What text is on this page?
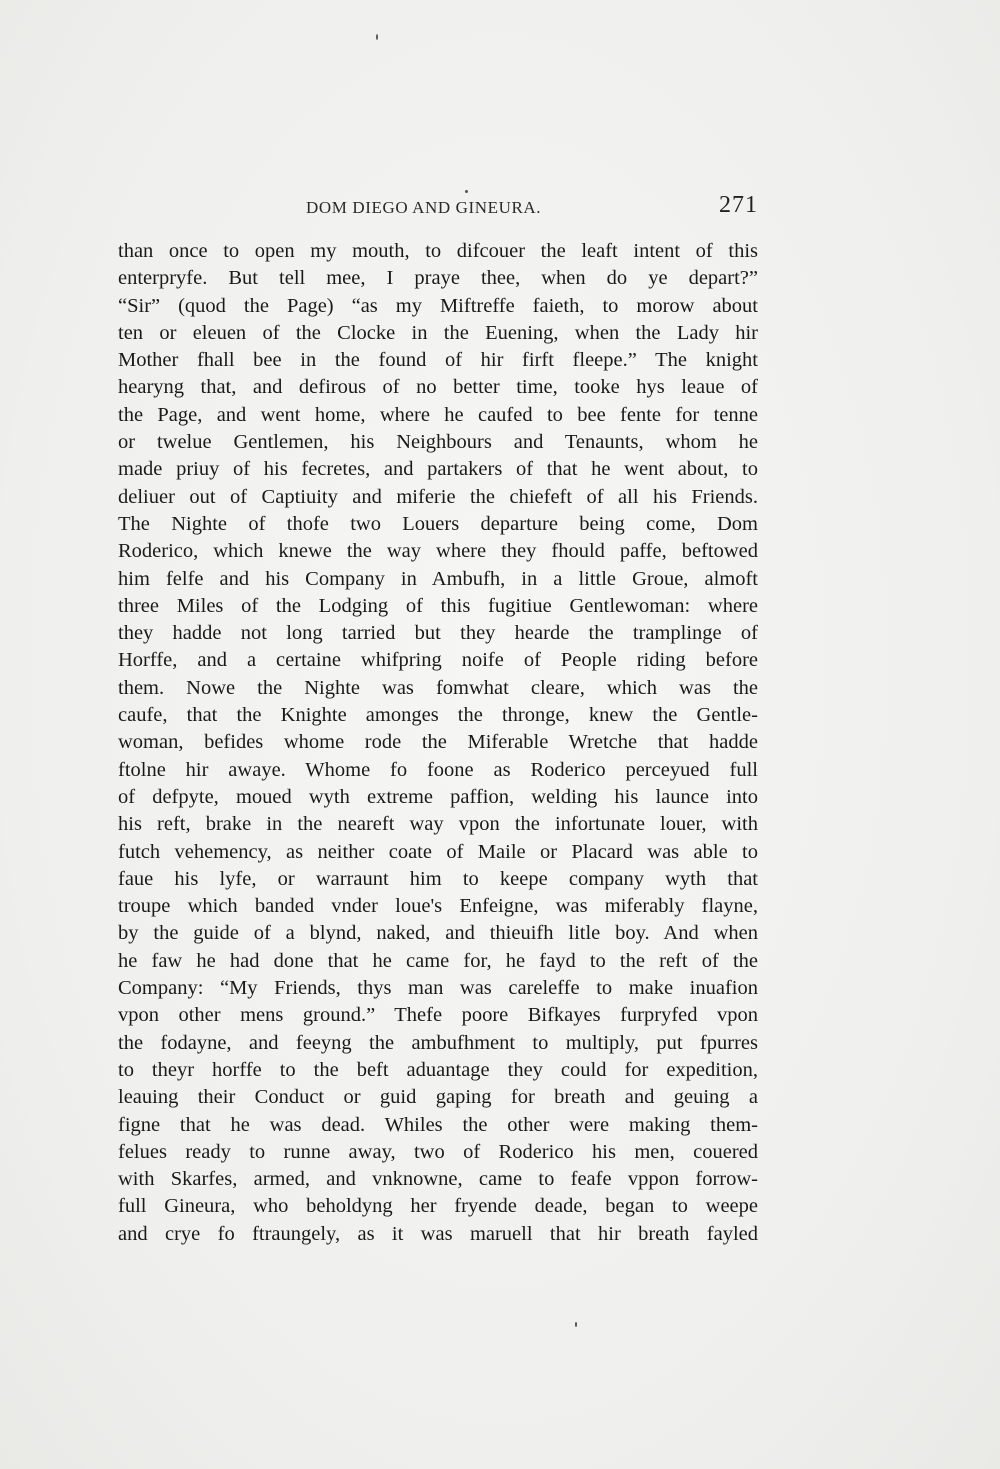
DOM DIEGO AND GINEURA.	271
than once to open my mouth, to difcouer the leaft intent of this
enterpryfe. But tell mee, I praye thee, when do ye depart?”
“Sir” (quod the Page) “as my Miftreffe faieth, to morow about
ten or eleuen of the Clocke in the Euening, when the Lady hir
Mother fhall bee in the found of hir firft fleepe.” The knight
hearyng that, and defirous of no better time, tooke hys leaue of
the Page, and went home, where he caufed to bee fente for tenne
or twelue Gentlemen, his Neighbours and Tenaunts, whom he
made priuy of his fecretes, and partakers of that he went about, to
deliuer out of Captiuity and miferie the chiefeft of all his Friends.
The Nighte of thofe two Louers departure being come, Dom
Roderico, which knewe the way where they fhould paffe, beftowed
him felfe and his Company in Ambufh, in a little Groue, almoft
three Miles of the Lodging of this fugitiue Gentlewoman: where
they hadde not long tarried but they hearde the tramplinge of
Horffe, and a certaine whifpring noife of People riding before
them. Nowe the Nighte was fomwhat cleare, which was the
caufe, that the Knighte amonges the thronge, knew the Gentle-
woman, befides whome rode the Miferable Wretche that hadde
ftolne hir awaye. Whome fo foone as Roderico perceyued full
of defpyte, moued wyth extreme paffion, welding his launce into
his reft, brake in the neareft way vpon the infortunate louer, with
futch vehemency, as neither coate of Maile or Placard was able to
faue his lyfe, or warraunt him to keepe company wyth that
troupe which banded vnder loue's Enfeigne, was miferably flayne,
by the guide of a blynd, naked, and thieuifh litle boy. And when
he faw he had done that he came for, he fayd to the reft of the
Company: “My Friends, thys man was careleffe to make inuafion
vpon other mens ground.” Thefe poore Bifkayes furpryfed vpon
the fodayne, and feeyng the ambufhment to multiply, put fpurres
to theyr horffe to the beft aduantage they could for expedition,
leauing their Conduct or guid gaping for breath and geuing a
figne that he was dead. Whiles the other were making them-
felues ready to runne away, two of Roderico his men, couered
with Skarfes, armed, and vnknowne, came to feafe vppon forrow-
full Gineura, who beholdyng her fryende deade, began to weepe
and crye fo ftraungely, as it was maruell that hir breath fayled
